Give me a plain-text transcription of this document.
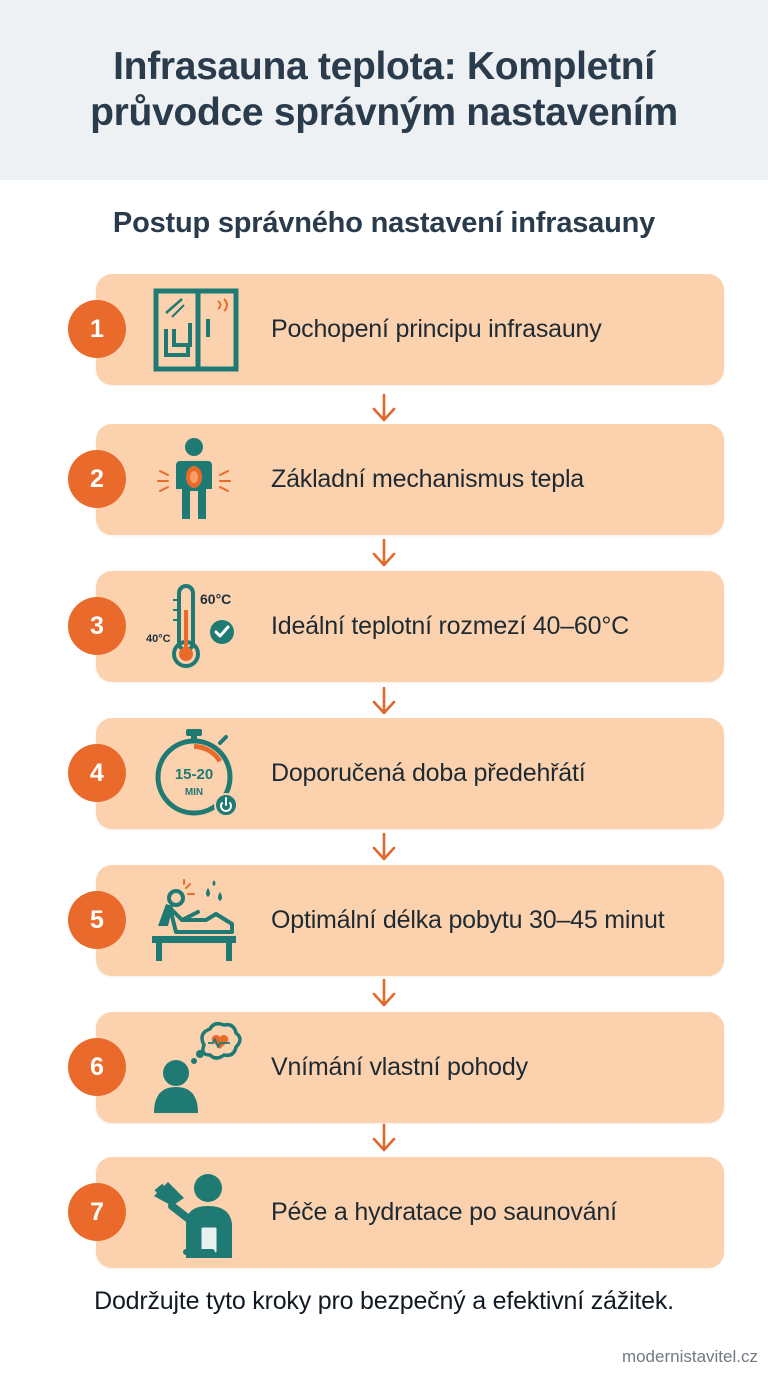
Infrasauna teplota: Kompletní
průvodce správným nastavením
Postup správného nastavení infrasauny
Pochopení principu infrasauny
1
Základní mechanismus tepla
2
60°C
40°C	Ideální teplotní rozmezí 40–60°C
3
15-20
MIN
Doporučená doba předehřátí
4
Optimální délka pobytu 30–45 minut
5
Vnímání vlastní pohody
6
Péče a hydratace po saunování
7
Dodržujte tyto kroky pro bezpečný a efektivní zážitek.
modernistavitel.cz
